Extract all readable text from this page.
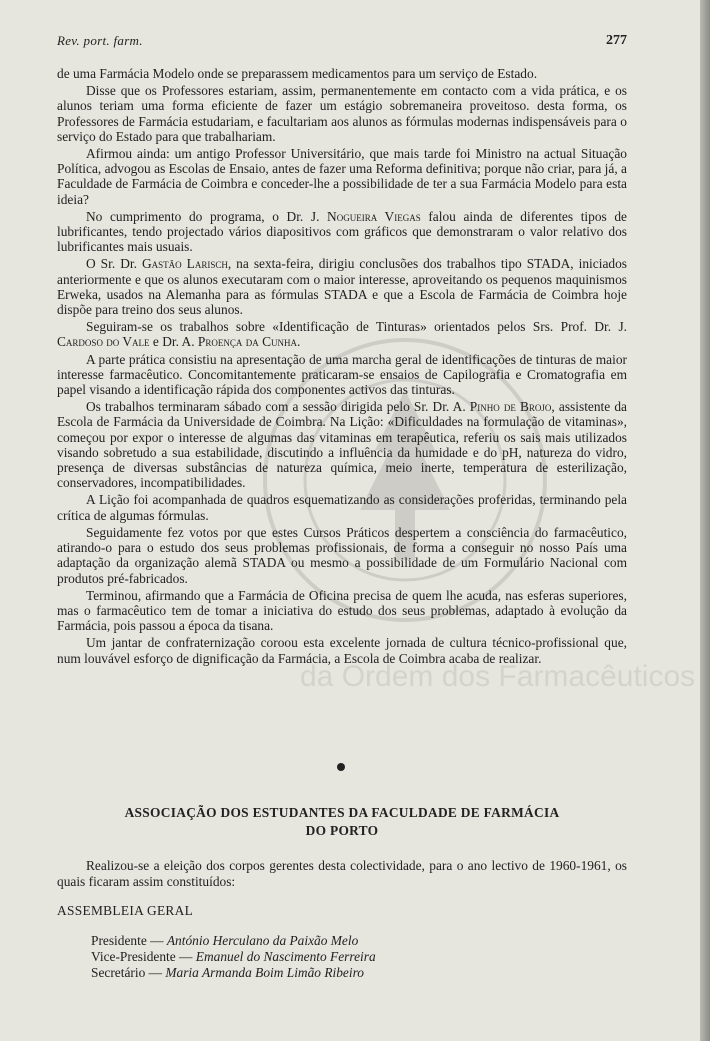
Rev. port. farm.	277
da Ordem dos Farmacêuticos

de uma Farmácia Modelo onde se preparassem medicamentos para um serviço de Estado.

Disse que os Professores estariam, assim, permanentemente em contacto com a vida prática, e os alunos teriam uma forma eficiente de fazer um estágio sobremaneira proveitoso. desta forma, os Professores de Farmácia estudariam, e facultariam aos alunos as fórmulas modernas indispensáveis para o serviço do Estado para que trabalhariam.

Afirmou ainda: um antigo Professor Universitário, que mais tarde foi Ministro na actual Situação Política, advogou as Escolas de Ensaio, antes de fazer uma Reforma definitiva; porque não criar, para já, a Faculdade de Farmácia de Coimbra e conceder-lhe a possibilidade de ter a sua Farmácia Modelo para esta ideia?

No cumprimento do programa, o Dr. J. Nogueira Viegas falou ainda de diferentes tipos de lubrificantes, tendo projectado vários diapositivos com gráficos que demonstraram o valor relativo dos lubrificantes mais usuais.

O Sr. Dr. Gastão Larisch, na sexta-feira, dirigiu conclusões dos trabalhos tipo STADA, iniciados anteriormente e que os alunos executaram com o maior interesse, aproveitando os pequenos maquinismos Erweka, usados na Alemanha para as fórmulas STADA e que a Escola de Farmácia de Coimbra hoje dispõe para treino dos seus alunos.

Seguiram-se os trabalhos sobre «Identificação de Tinturas» orientados pelos Srs. Prof. Dr. J. Cardoso do Vale e Dr. A. Proença da Cunha.

A parte prática consistiu na apresentação de uma marcha geral de identificações de tinturas de maior interesse farmacêutico. Concomitantemente praticaram-se ensaios de Capilografia e Cromatografia em papel visando a identificação rápida dos componentes activos das tinturas.

Os trabalhos terminaram sábado com a sessão dirigida pelo Sr. Dr. A. Pinho de Brojo, assistente da Escola de Farmácia da Universidade de Coimbra. Na Lição: «Dificuldades na formulação de vitaminas», começou por expor o interesse de algumas das vitaminas em terapêutica, referiu os sais mais utilizados visando sobretudo a sua estabilidade, discutindo a influência da humidade e do pH, natureza do vidro, presença de diversas substâncias de natureza química, meio inerte, temperatura de esterilização, conservadores, incompatibilidades.

A Lição foi acompanhada de quadros esquematizando as considerações proferidas, terminando pela crítica de algumas fórmulas.

Seguidamente fez votos por que estes Cursos Práticos despertem a consciência do farmacêutico, atirando-o para o estudo dos seus problemas profissionais, de forma a conseguir no nosso País uma adaptação da organização alemã STADA ou mesmo a possibilidade de um Formulário Nacional com produtos pré-fabricados.

Terminou, afirmando que a Farmácia de Oficina precisa de quem lhe acuda, nas esferas superiores, mas o farmacêutico tem de tomar a iniciativa do estudo dos seus problemas, adaptado à evolução da Farmácia, pois passou a época da tisana.

Um jantar de confraternização coroou esta excelente jornada de cultura técnico-profissional que, num louvável esforço de dignificação da Farmácia, a Escola de Coimbra acaba de realizar.

ASSOCIAÇÃO DOS ESTUDANTES DA FACULDADE DE FARMÁCIA
DO PORTO

Realizou-se a eleição dos corpos gerentes desta colectividade, para o ano lectivo de 1960-1961, os quais ficaram assim constituídos:

ASSEMBLEIA GERAL
Presidente — António Herculano da Paixão Melo
Vice-Presidente — Emanuel do Nascimento Ferreira
Secretário — Maria Armanda Boim Limão Ribeiro
